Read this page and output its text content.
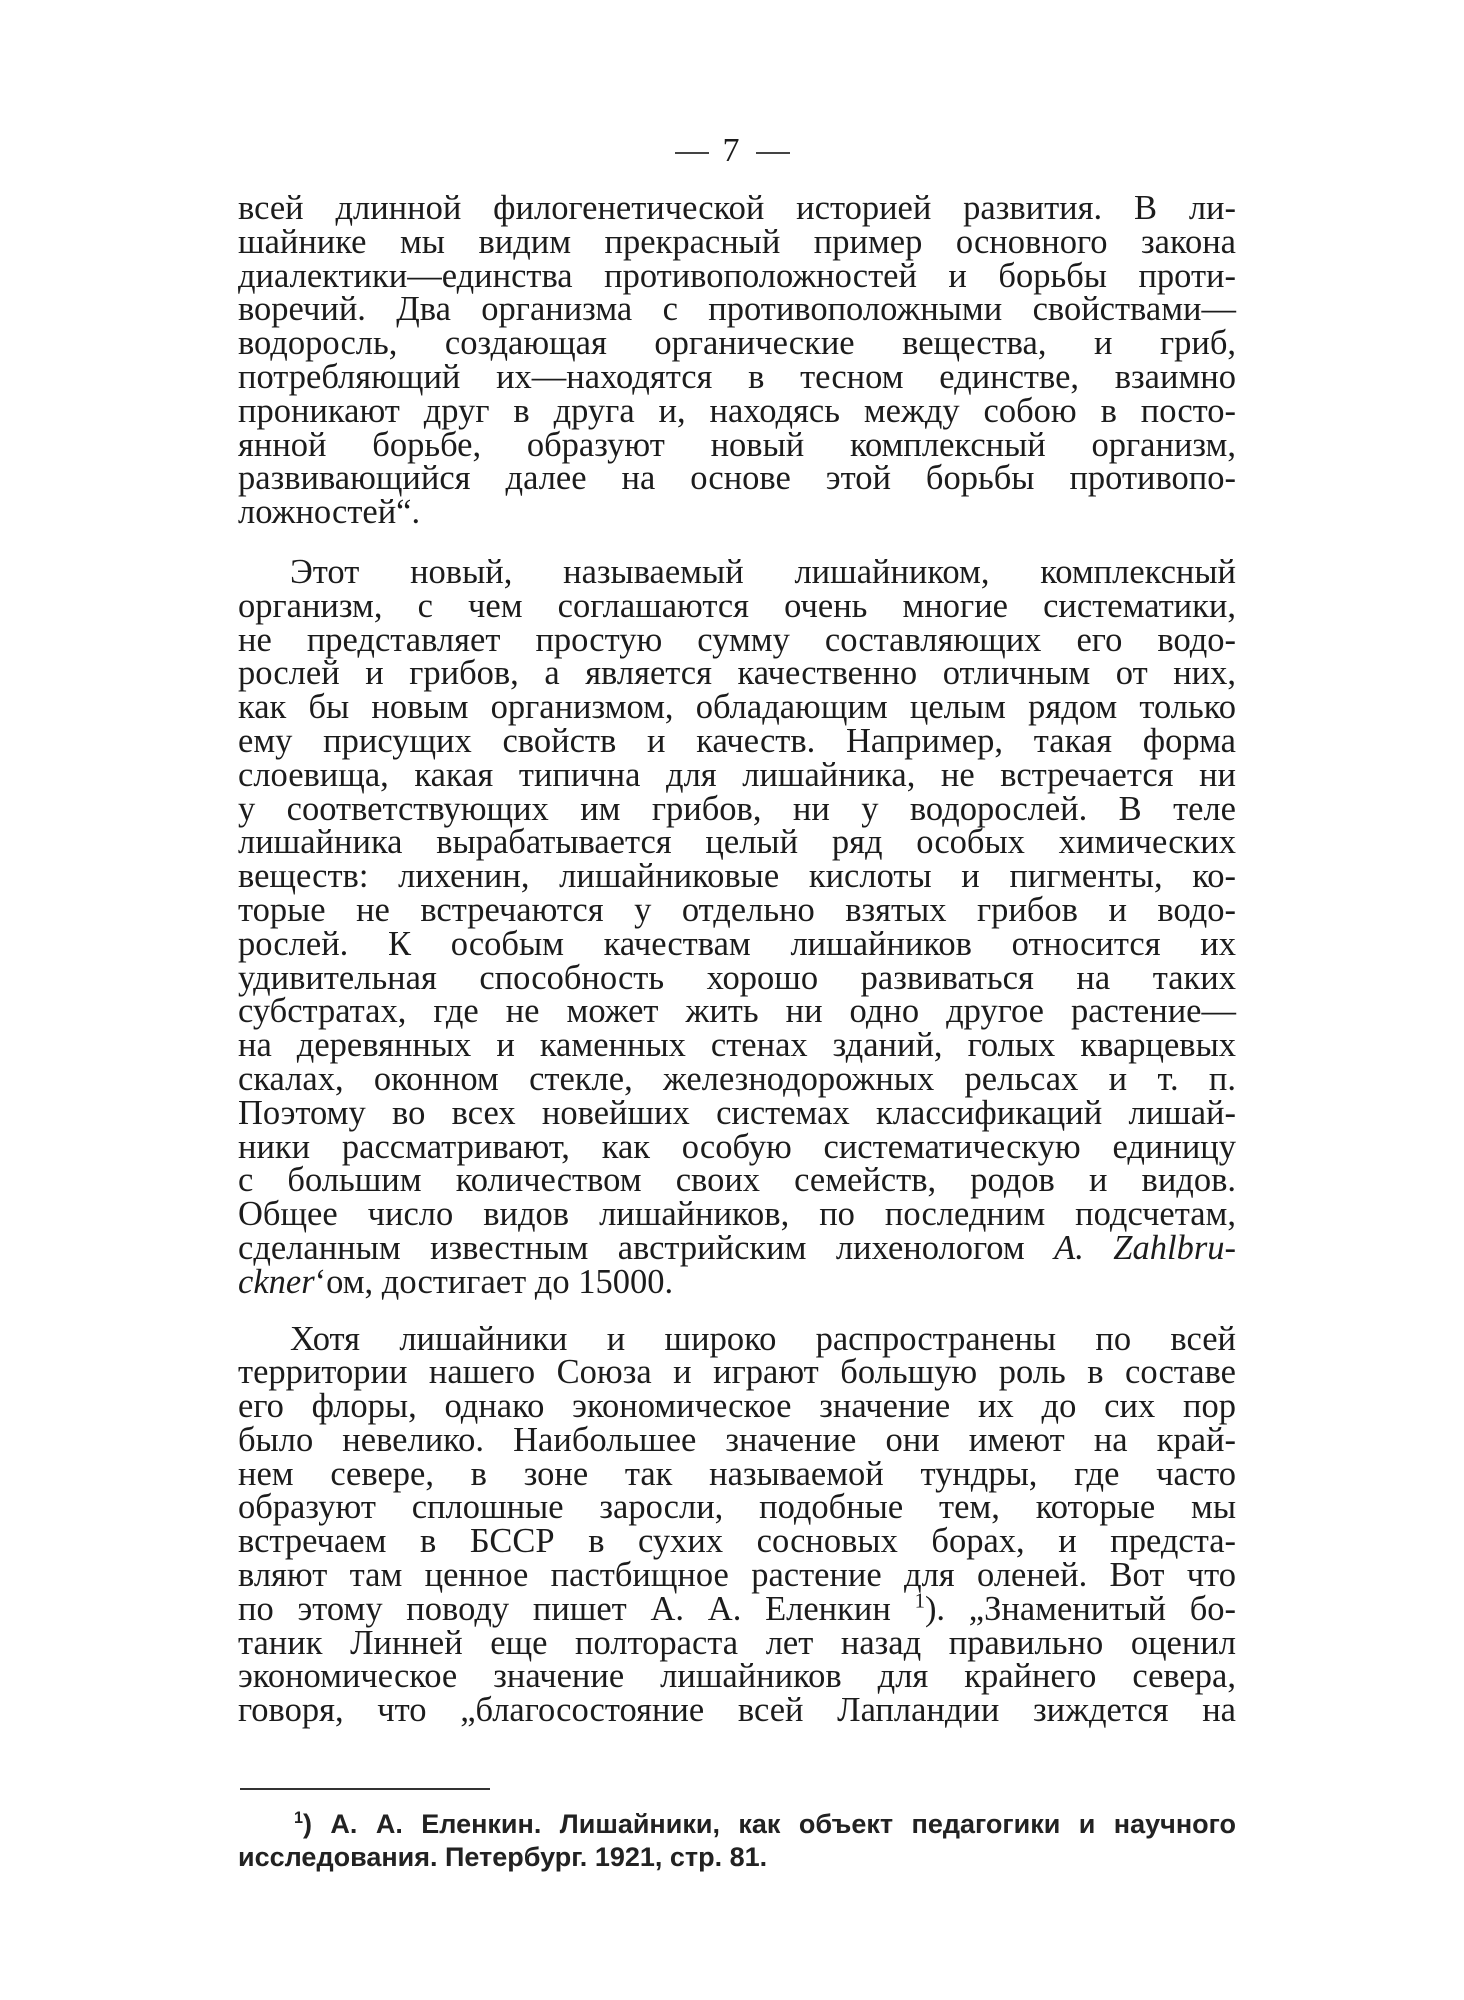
7

всей длинной филогенетической историей развития. В ли-
шайнике мы видим прекрасный пример основного закона
диалектики—единства противоположностей и борьбы проти-
воречий. Два организма с противоположными свойствами—
водоросль, создающая органические вещества, и гриб,
потребляющий их—находятся в тесном единстве, взаимно
проникают друг в друга и, находясь между собою в посто-
янной борьбе, образуют новый комплексный организм,
развивающийся далее на основе этой борьбы противопо-
ложностей“.

Этот новый, называемый лишайником, комплексный
организм, с чем соглашаются очень многие систематики,
не представляет простую сумму составляющих его водо-
рослей и грибов, а является качественно отличным от них,
как бы новым организмом, обладающим целым рядом только
ему присущих свойств и качеств. Например, такая форма
слоевища, какая типична для лишайника, не встречается ни
у соответствующих им грибов, ни у водорослей. В теле
лишайника вырабатывается целый ряд особых химических
веществ: лихенин, лишайниковые кислоты и пигменты, ко-
торые не встречаются у отдельно взятых грибов и водо-
рослей. К особым качествам лишайников относится их
удивительная способность хорошо развиваться на таких
субстратах, где не может жить ни одно другое растение—
на деревянных и каменных стенах зданий, голых кварцевых
скалах, оконном стекле, железнодорожных рельсах и т. п.
Поэтому во всех новейших системах классификаций лишай-
ники рассматривают, как особую систематическую единицу
с большим количеством своих семейств, родов и видов.
Общее число видов лишайников, по последним подсчетам,
сделанным известным австрийским лихенологом A. Zahlbru-
ckner‘ом, достигает до 15000.

Хотя лишайники и широко распространены по всей
территории нашего Союза и играют большую роль в составе
его флоры, однако экономическое значение их до сих пор
было невелико. Наибольшее значение они имеют на край-
нем севере, в зоне так называемой тундры, где часто
образуют сплошные заросли, подобные тем, которые мы
встречаем в БССР в сухих сосновых борах, и предста-
вляют там ценное пастбищное растение для оленей. Вот что
по этому поводу пишет А. А. Еленкин $^1$). „Знаменитый бо-
таник Линней еще полтораста лет назад правильно оценил
экономическое значение лишайников для крайнего севера,
говоря, что „благосостояние всей Лапландии зиждется на

$^1$) А. А. Еленкин. Лишайники, как объект педагогики и научного
исследования. Петербург. 1921, стр. 81.
